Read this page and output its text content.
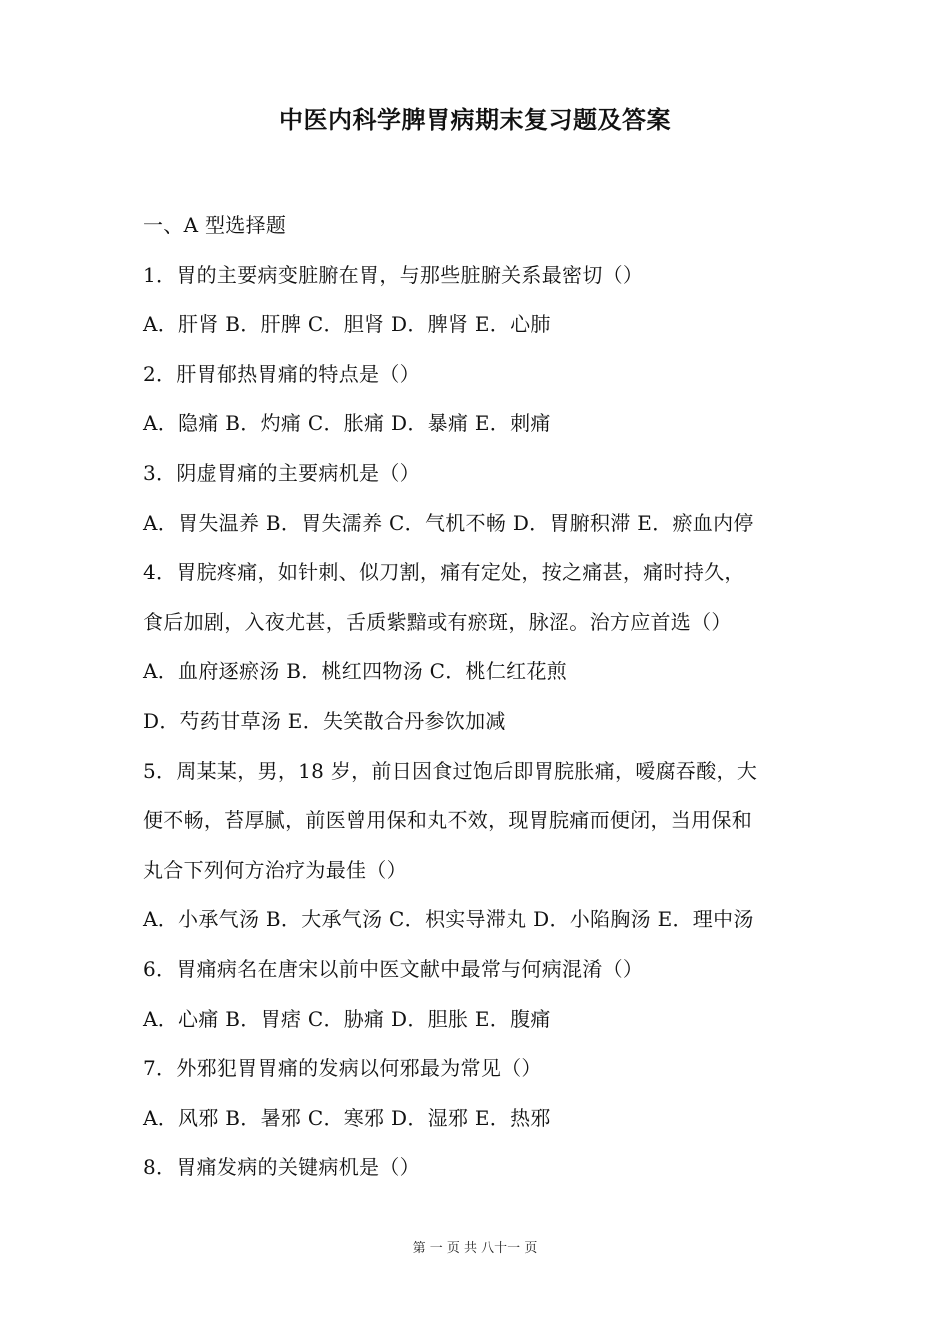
中医内科学脾胃病期末复习题及答案
一、A 型选择题
1．胃的主要病变脏腑在胃，与那些脏腑关系最密切（）
A．肝肾 B．肝脾 C．胆肾 D．脾肾 E．心肺
2．肝胃郁热胃痛的特点是（）
A．隐痛 B．灼痛 C．胀痛 D．暴痛 E．刺痛
3．阴虚胃痛的主要病机是（）
A．胃失温养 B．胃失濡养 C．气机不畅 D．胃腑积滞 E．瘀血内停
4．胃脘疼痛，如针刺、似刀割，痛有定处，按之痛甚，痛时持久，
食后加剧，入夜尤甚，舌质紫黯或有瘀斑，脉涩。治方应首选（）
A．血府逐瘀汤 B．桃红四物汤 C．桃仁红花煎
D．芍药甘草汤 E．失笑散合丹参饮加减
5．周某某，男，18 岁，前日因食过饱后即胃脘胀痛，嗳腐吞酸，大
便不畅，苔厚腻，前医曾用保和丸不效，现胃脘痛而便闭，当用保和
丸合下列何方治疗为最佳（）
A．小承气汤 B．大承气汤 C．枳实导滞丸 D．小陷胸汤 E．理中汤
6．胃痛病名在唐宋以前中医文献中最常与何病混淆（）
A．心痛 B．胃痞 C．胁痛 D．胆胀 E．腹痛
7．外邪犯胃胃痛的发病以何邪最为常见（）
A．风邪 B．暑邪 C．寒邪 D．湿邪 E．热邪
8．胃痛发病的关键病机是（）
第 一 页 共 八十一 页
